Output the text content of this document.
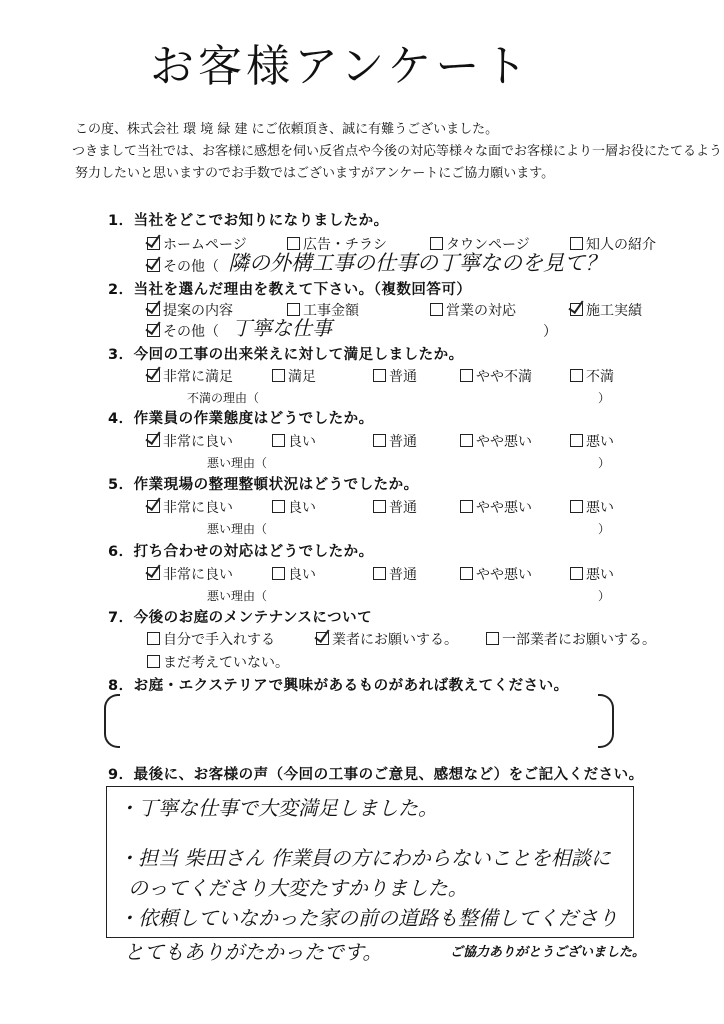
お客様アンケート
この度、株式会社 環 境 緑 建 にご依頼頂き、誠に有難うございました。
つきまして当社では、お客様に感想を伺い反省点や今後の対応等様々な面でお客様により一層お役にたてるよう
努力したいと思いますのでお手数ではございますがアンケートにご協力願います。
1．当社をどこでお知りになりましたか。
ホームページ	広告・チラシ	タウンページ	知人の紹介
その他（ 隣の外構工事の仕事の丁寧なのを見て？
2．当社を選んだ理由を教えて下さい。（複数回答可）
提案の内容	工事金額	営業の対応	施工実績
その他（ 丁寧な仕事	）
3．今回の工事の出来栄えに対して満足しましたか。
非常に満足	満足	普通	やや不満	不満
不満の理由（	）
4．作業員の作業態度はどうでしたか。
非常に良い	良い	普通	やや悪い	悪い
悪い理由（	）
5．作業現場の整理整頓状況はどうでしたか。
非常に良い	良い	普通	やや悪い	悪い
悪い理由（	）
6．打ち合わせの対応はどうでしたか。
非常に良い	良い	普通	やや悪い	悪い
悪い理由（	）
7．今後のお庭のメンテナンスについて
自分で手入れする	業者にお願いする。	一部業者にお願いする。
まだ考えていない。
8．お庭・エクステリアで興味があるものがあれば教えてください。
9．最後に、お客様の声（今回の工事のご意見、感想など）をご記入ください。
・丁寧な仕事で大変満足しました。
・担当 柴田さん 作業員の方にわからないことを相談に
のってくださり大変たすかりました。
・依頼していなかった家の前の道路も整備してくださり
とてもありがたかったです。	ご協力ありがとうございました。
